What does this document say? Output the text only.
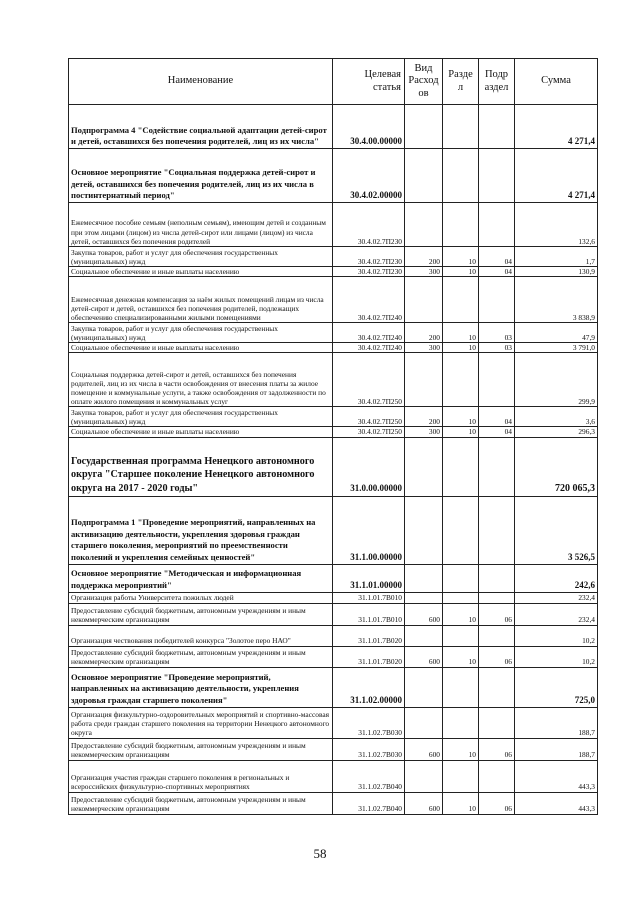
Наименование	Целевая статья	Вид Расход ов	Разде л	Подр аздел	Сумма
Подпрограмма 4 "Содействие социальной адаптации детей-сирот и детей, оставшихся без попечения родителей, лиц из их числа"	30.4.00.00000				4 271,4
Основное мероприятие "Социальная поддержка детей-сирот и детей, оставшихся без попечения родителей, лиц из их числа в постинтернатный период"	30.4.02.00000				4 271,4
Ежемесячное пособие семьям (неполным семьям), имеющим детей и созданным при этом лицами (лицом) из числа детей-сирот или лицами (лицом) из числа детей, оставшихся без попечения родителей	30.4.02.7П230				132,6
Закупка товаров, работ и услуг для обеспечения государственных (муниципальных) нужд	30.4.02.7П230	200	10	04	1,7
Социальное обеспечение и иные выплаты населению	30.4.02.7П230	300	10	04	130,9
Ежемесячная денежная компенсация за наём жилых помещений лицам из числа детей-сирот и детей, оставшихся без попечения родителей, подлежащих обеспечению специализированными жилыми помещениями	30.4.02.7П240				3 838,9
Закупка товаров, работ и услуг для обеспечения государственных (муниципальных) нужд	30.4.02.7П240	200	10	03	47,9
Социальное обеспечение и иные выплаты населению	30.4.02.7П240	300	10	03	3 791,0
Социальная поддержка детей-сирот и детей, оставшихся без попечения родителей, лиц из их числа в части освобождения от внесения платы за жилое помещение и коммунальные услуги, а также освобождения от задолженности по оплате жилого помещения и коммунальных услуг	30.4.02.7П250				299,9
Закупка товаров, работ и услуг для обеспечения государственных (муниципальных) нужд	30.4.02.7П250	200	10	04	3,6
Социальное обеспечение и иные выплаты населению	30.4.02.7П250	300	10	04	296,3
Государственная программа Ненецкого автономного округа "Старшее поколение Ненецкого автономного округа на 2017 - 2020 годы"	31.0.00.00000				720 065,3
Подпрограмма 1 "Проведение мероприятий, направленных на активизацию деятельности, укрепления здоровья граждан старшего поколения, мероприятий по преемственности поколений и укрепления семейных ценностей"	31.1.00.00000				3 526,5
Основное мероприятие "Методическая и информационная поддержка мероприятий"	31.1.01.00000				242,6
Организация работы Университета пожилых людей	31.1.01.7В010				232,4
Предоставление субсидий бюджетным, автономным учреждениям и иным некоммерческим организациям	31.1.01.7В010	600	10	06	232,4
Организация чествования победителей конкурса "Золотое перо НАО"	31.1.01.7В020				10,2
Предоставление субсидий бюджетным, автономным учреждениям и иным некоммерческим организациям	31.1.01.7В020	600	10	06	10,2
Основное мероприятие "Проведение мероприятий, направленных на активизацию деятельности, укрепления здоровья граждан старшего поколения"	31.1.02.00000				725,0
Организация физкультурно-оздоровительных мероприятий и спортивно-массовая работа среди граждан старшего поколения на территории Ненецкого автономного округа	31.1.02.7В030				188,7
Предоставление субсидий бюджетным, автономным учреждениям и иным некоммерческим организациям	31.1.02.7В030	600	10	06	188,7
Организация участия граждан старшего поколения в региональных и всероссийских физкультурно-спортивных мероприятиях	31.1.02.7В040				443,3
Предоставление субсидий бюджетным, автономным учреждениям и иным некоммерческим организациям	31.1.02.7В040	600	10	06	443,3
58
